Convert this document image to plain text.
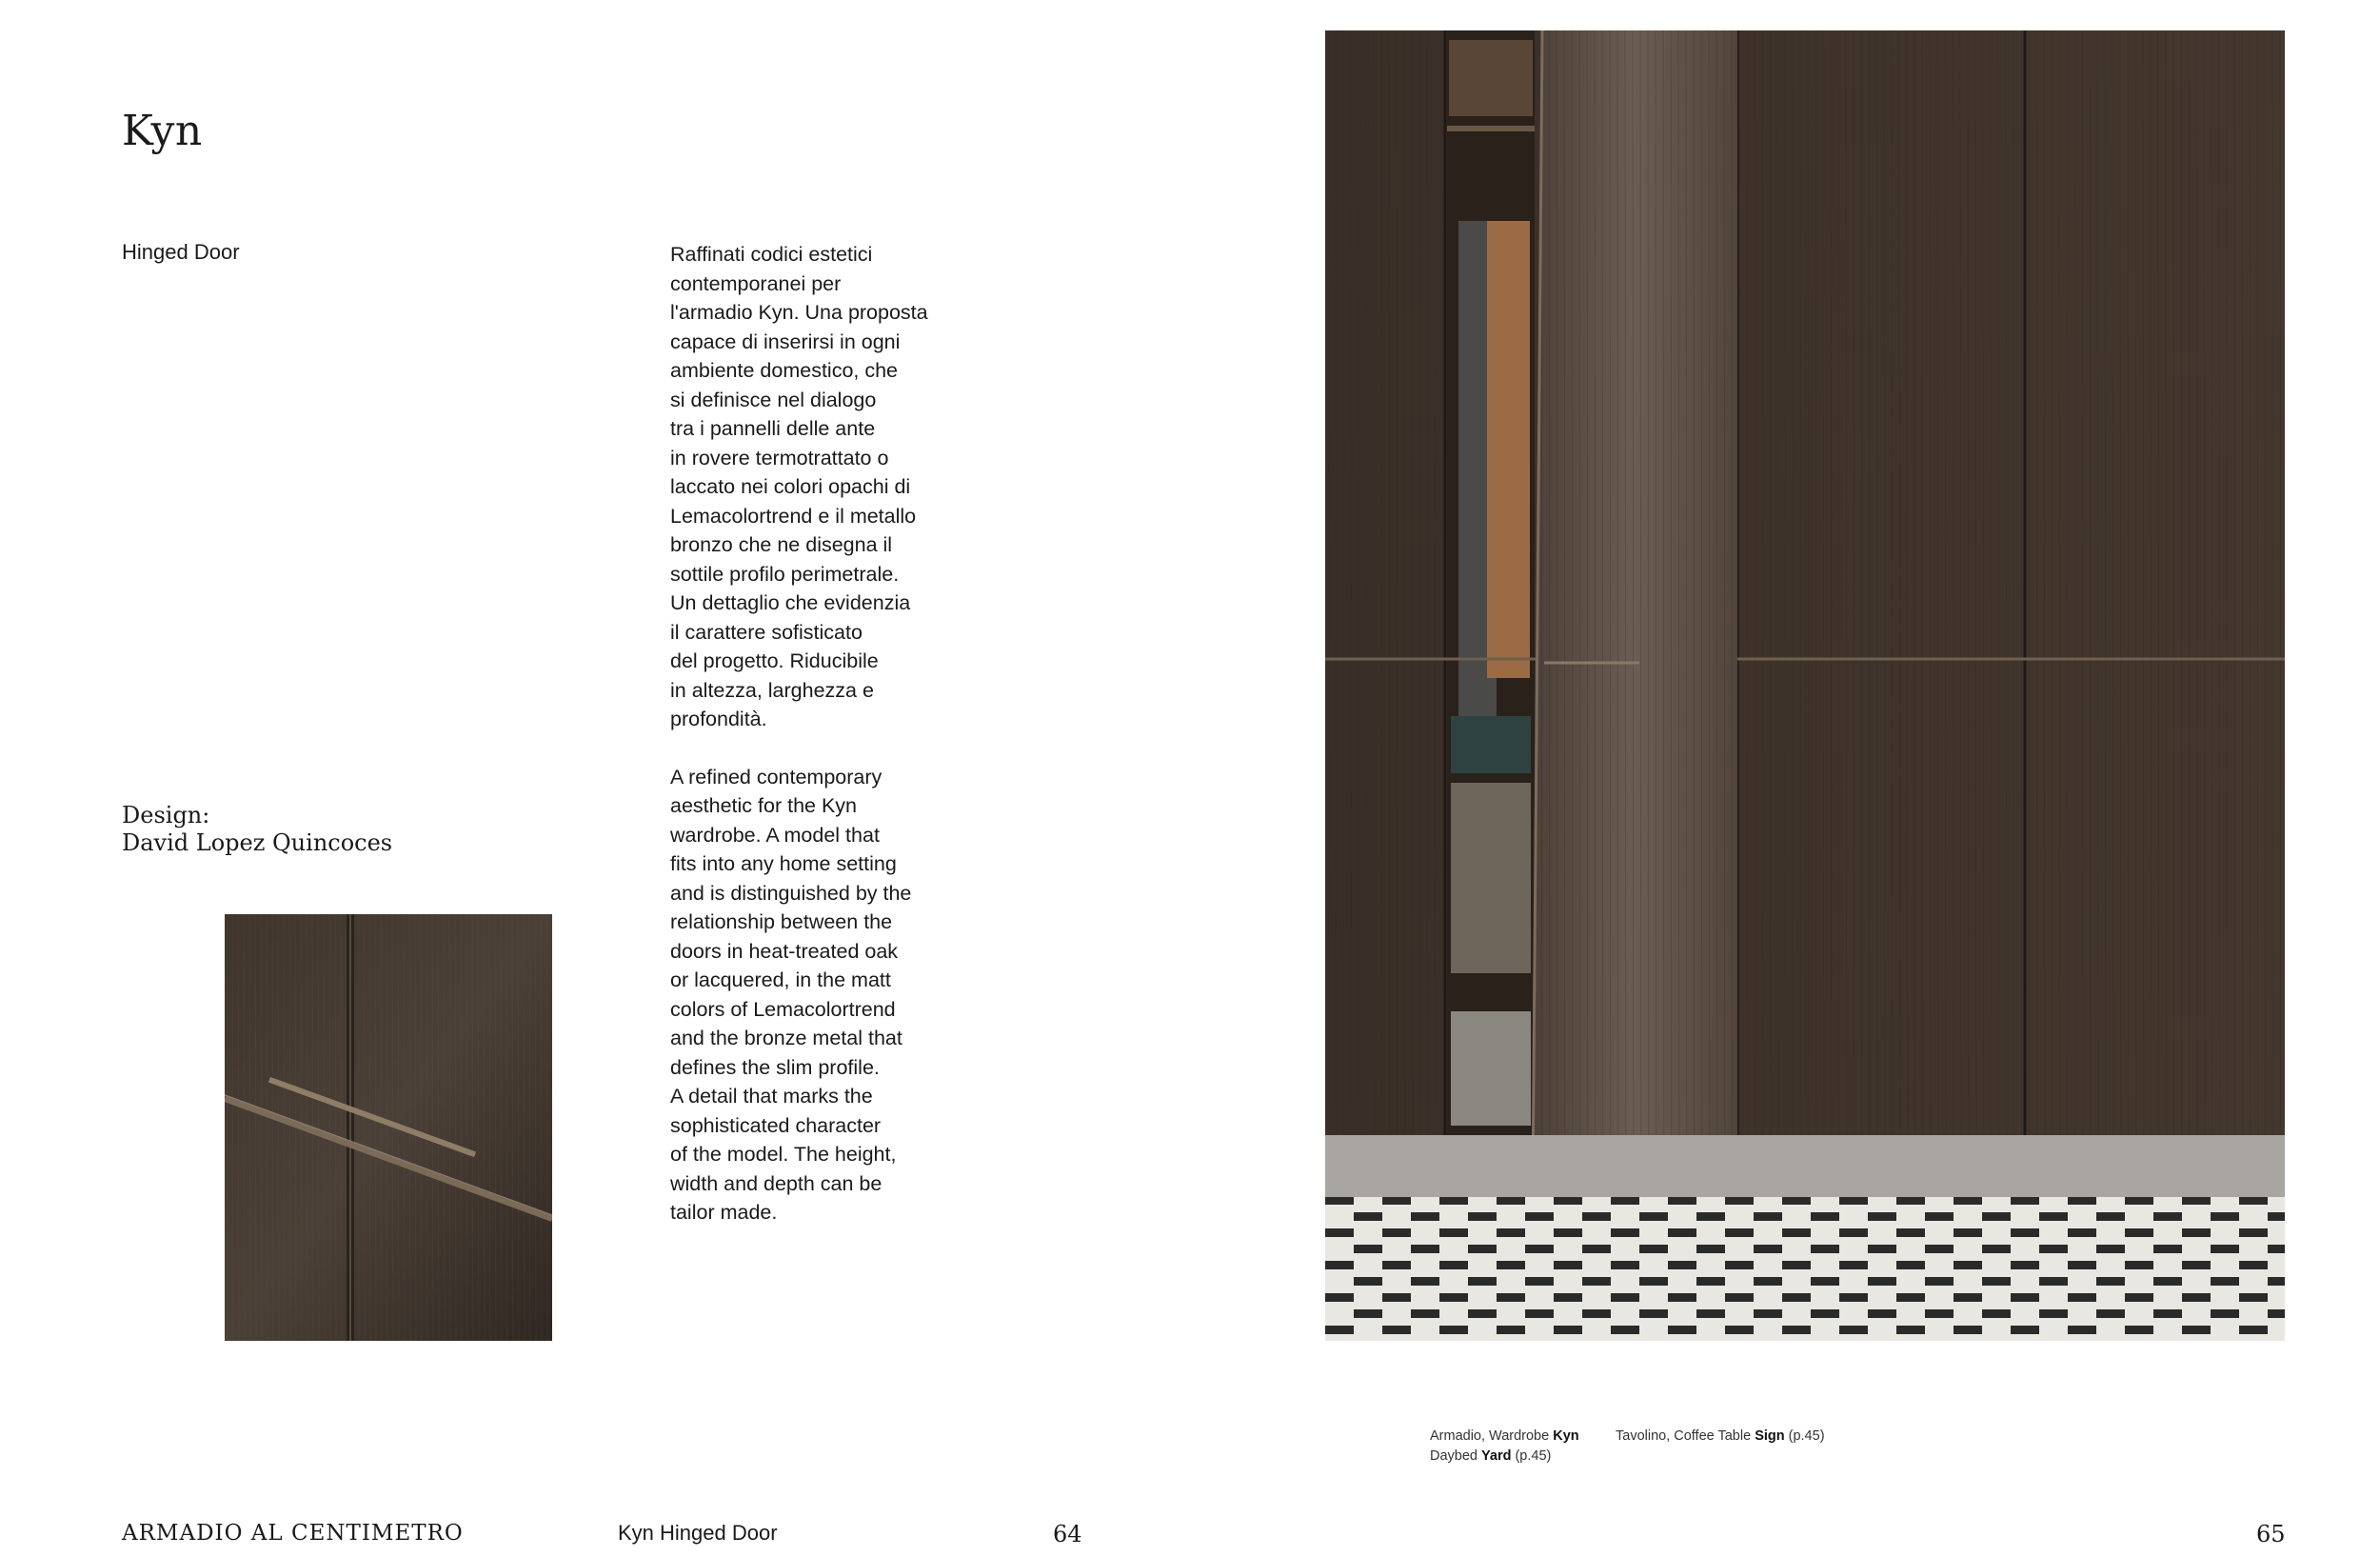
Kyn
Hinged Door	Raffinati codici estetici
contemporanei per
l'armadio Kyn. Una proposta
capace di inserirsi in ogni
ambiente domestico, che
si definisce nel dialogo
tra i pannelli delle ante
in rovere termotrattato o
laccato nei colori opachi di
Lemacolortrend e il metallo
bronzo che ne disegna il
sottile profilo perimetrale.
Un dettaglio che evidenzia
il carattere sofisticato
del progetto. Riducibile
in altezza, larghezza e
profondità.

A refined contemporary
aesthetic for the Kyn
wardrobe. A model that
fits into any home setting
and is distinguished by the
relationship between the
doors in heat-treated oak
or lacquered, in the matt
colors of Lemacolortrend
and the bronze metal that
defines the slim profile.
A detail that marks the
sophisticated character
of the model. The height,
width and depth can be
tailor made.

Design:
David Lopez Quincoces
Armadio, Wardrobe Kyn
Daybed Yard (p.45)
Tavolino, Coffee Table Sign (p.45)
ARMADIO AL CENTIMETRO	Kyn Hinged Door	64	65
